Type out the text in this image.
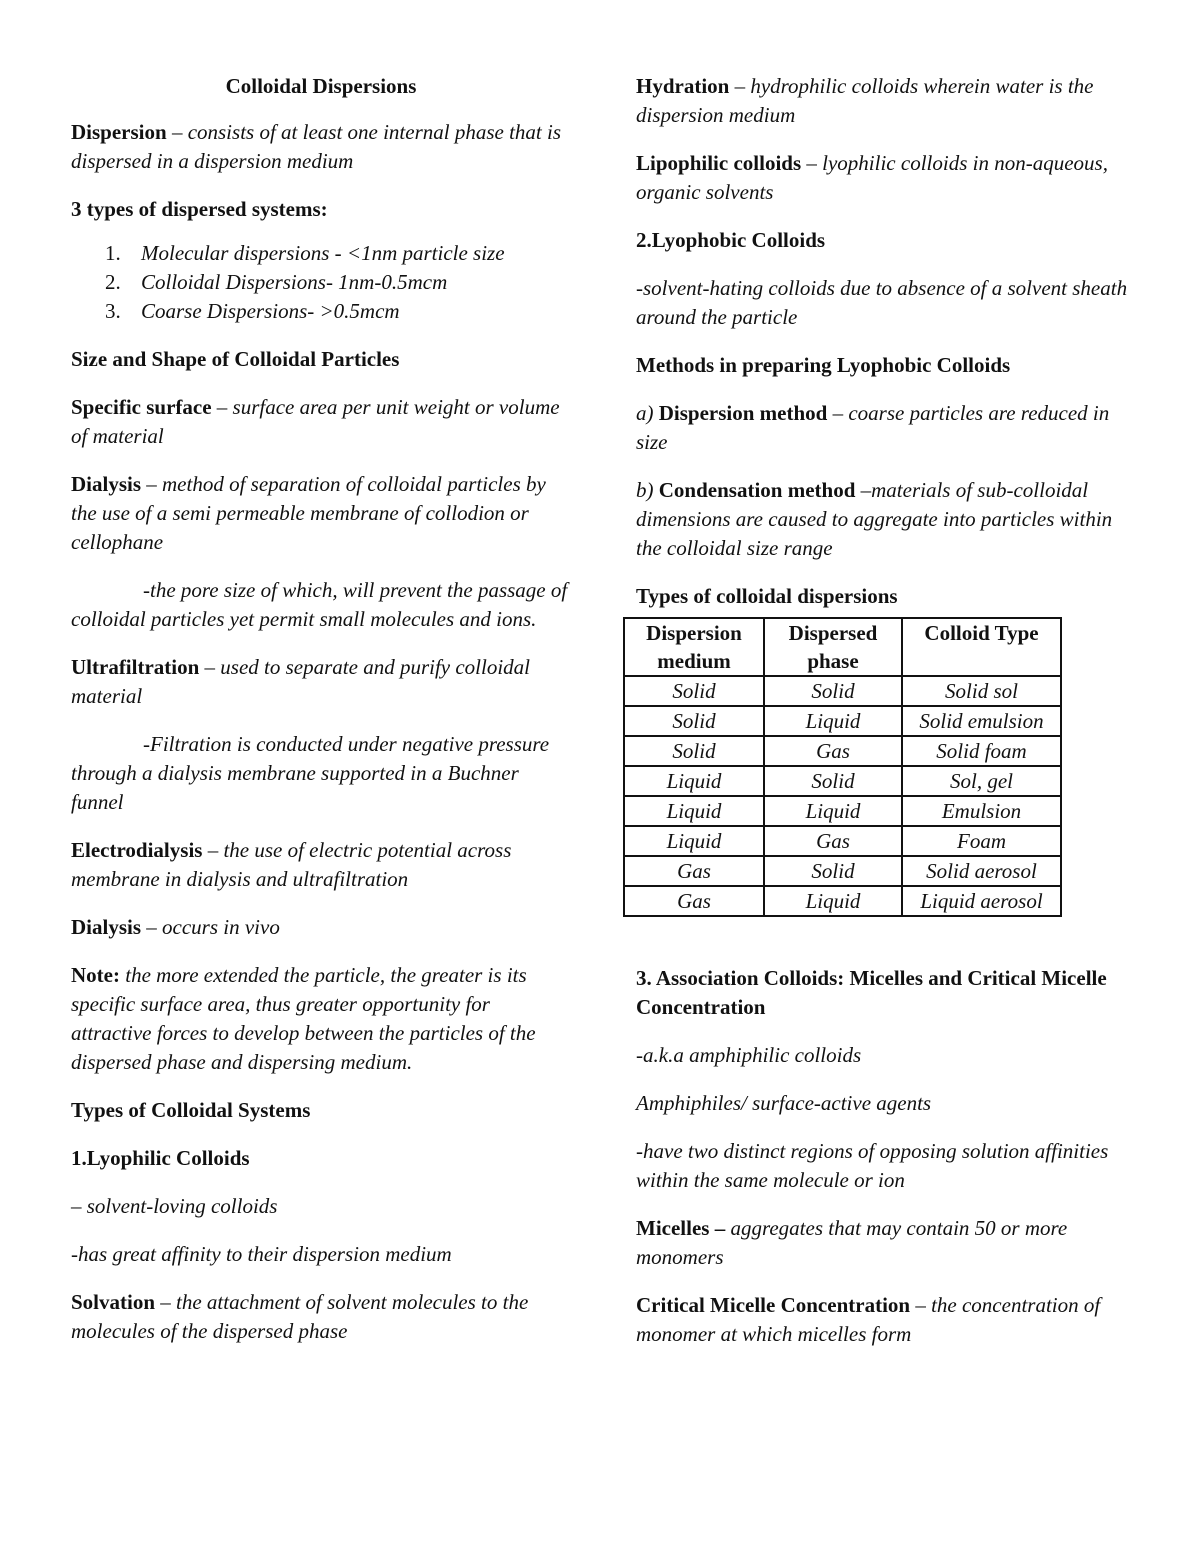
Colloidal Dispersions

Dispersion – consists of at least one internal phase that is dispersed in a dispersion medium

3 types of dispersed systems:

1. Molecular dispersions - <1nm particle size
2. Colloidal Dispersions- 1nm-0.5mcm
3. Coarse Dispersions- >0.5mcm

Size and Shape of Colloidal Particles

Specific surface – surface area per unit weight or volume of material

Dialysis – method of separation of colloidal particles by the use of a semi permeable membrane of collodion or cellophane

-the pore size of which, will prevent the passage of colloidal particles yet permit small molecules and ions.

Ultrafiltration – used to separate and purify colloidal material

-Filtration is conducted under negative pressure through a dialysis membrane supported in a Buchner funnel

Electrodialysis – the use of electric potential across membrane in dialysis and ultrafiltration

Dialysis – occurs in vivo

Note: the more extended the particle, the greater is its specific surface area, thus greater opportunity for attractive forces to develop between the particles of the dispersed phase and dispersing medium.

Types of Colloidal Systems

1.Lyophilic Colloids

– solvent-loving colloids

-has great affinity to their dispersion medium

Solvation – the attachment of solvent molecules to the molecules of the dispersed phase

Hydration – hydrophilic colloids wherein water is the dispersion medium

Lipophilic colloids – lyophilic colloids in non-aqueous, organic solvents

2.Lyophobic Colloids

-solvent-hating colloids due to absence of a solvent sheath around the particle

Methods in preparing Lyophobic Colloids

a) Dispersion method – coarse particles are reduced in size

b) Condensation method –materials of sub-colloidal dimensions are caused to aggregate into particles within the colloidal size range

Types of colloidal dispersions

Dispersion medium	Dispersed phase	Colloid Type
Solid	Solid	Solid sol
Solid	Liquid	Solid emulsion
Solid	Gas	Solid foam
Liquid	Solid	Sol, gel
Liquid	Liquid	Emulsion
Liquid	Gas	Foam
Gas	Solid	Solid aerosol
Gas	Liquid	Liquid aerosol

3. Association Colloids: Micelles and Critical Micelle Concentration

-a.k.a amphiphilic colloids

Amphiphiles/ surface-active agents

-have two distinct regions of opposing solution affinities within the same molecule or ion

Micelles – aggregates that may contain 50 or more monomers

Critical Micelle Concentration – the concentration of monomer at which micelles form
